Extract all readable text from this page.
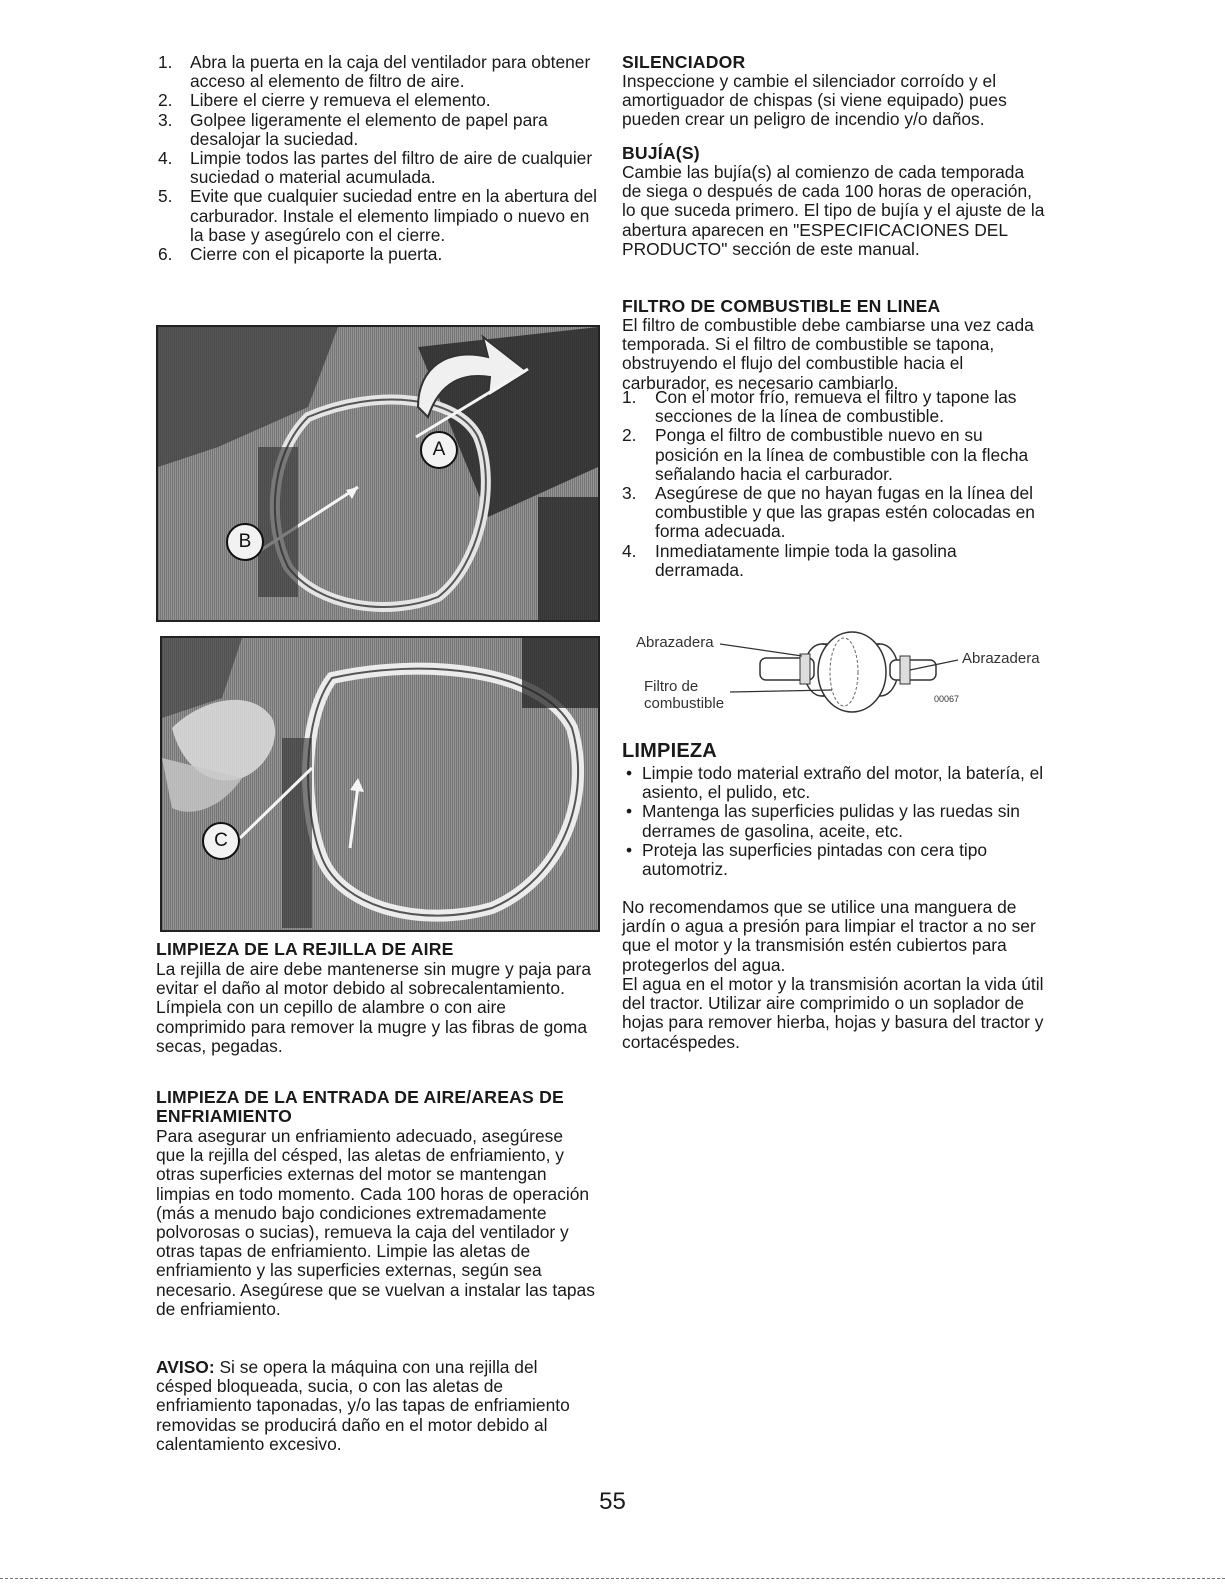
1.	Abra la puerta en la caja del ventilador para obtener acceso al elemento de filtro de aire.
2.	Libere el cierre y remueva el elemento.
3.	Golpee ligeramente el elemento de papel para desalojar la suciedad.
4.	Limpie todos las partes del filtro de aire de cualquier suciedad o material acumulada.
5.	Evite que cualquier suciedad entre en la abertura del carburador. Instale el elemento limpiado o nuevo en la base y asegúrelo con el cierre.
6.	Cierre con el picaporte la puerta.
A
B
C
LIMPIEZA DE LA REJILLA DE AIRE

La rejilla de aire debe mantenerse sin mugre y paja para evitar el daño al motor debido al sobrecalentamiento. Límpiela con un cepillo de alambre o con aire comprimido para remover la mugre y las fibras de goma secas, pegadas.

LIMPIEZA DE LA ENTRADA DE AIRE/AREAS DE ENFRIAMIENTO

Para asegurar un enfriamiento adecuado, asegúrese que la rejilla del césped, las aletas de enfriamiento, y otras superficies externas del motor se mantengan limpias en todo momento. Cada 100 horas de operación (más a menudo bajo condiciones extremadamente polvorosas o sucias), remueva la caja del ventilador y otras tapas de enfriamiento. Limpie las aletas de enfriamiento y las superficies externas, según sea necesario. Asegúrese que se vuelvan a instalar las tapas de enfriamiento.

AVISO: Si se opera la máquina con una rejilla del césped bloqueada, sucia, o con las aletas de enfriamiento taponadas, y/o las tapas de enfriamiento removidas se producirá daño en el motor debido al calentamiento excesivo.

SILENCIADOR

Inspeccione y cambie el silenciador corroído y el amortiguador de chispas (si viene equipado) pues pueden crear un peligro de incendio y/o daños.

BUJÍA(S)

Cambie las bujía(s) al comienzo de cada temporada de siega o después de cada 100 horas de operación, lo que suceda primero. El tipo de bujía y el ajuste de la abertura aparecen en "ESPECIFICACIONES DEL PRODUCTO" sección de este manual.

FILTRO DE COMBUSTIBLE EN LINEA

El filtro de combustible debe cambiarse una vez cada temporada. Si el filtro de combustible se tapona, obstruyendo el flujo del combustible hacia el carburador, es necesario cambiarlo.

1.	Con el motor frío, remueva el filtro y tapone las secciones de la línea de combustible.
2.	Ponga el filtro de combustible nuevo en su posición en la línea de combustible con la flecha señalando hacia el carburador.
3.	Asegúrese de que no hayan fugas en la línea del combustible y que las grapas estén colocadas en forma adecuada.
4.	Inmediatamente limpie toda la gasolina derramada.
Abrazadera
Abrazadera
Filtro de
combustible	00067
LIMPIEZA
• Limpie todo material extraño del motor, la batería, el asiento, el pulido, etc.
• Mantenga las superficies pulidas y las ruedas sin derrames de gasolina, aceite, etc.
• Proteja las superficies pintadas con cera tipo automotriz.

No recomendamos que se utilice una manguera de jardín o agua a presión para limpiar el tractor a no ser que el motor y la transmisión estén cubiertos para protegerlos del agua.

El agua en el motor y la transmisión acortan la vida útil del tractor. Utilizar aire comprimido o un soplador de hojas para remover hierba, hojas y basura del tractor y cortacéspedes.

55
